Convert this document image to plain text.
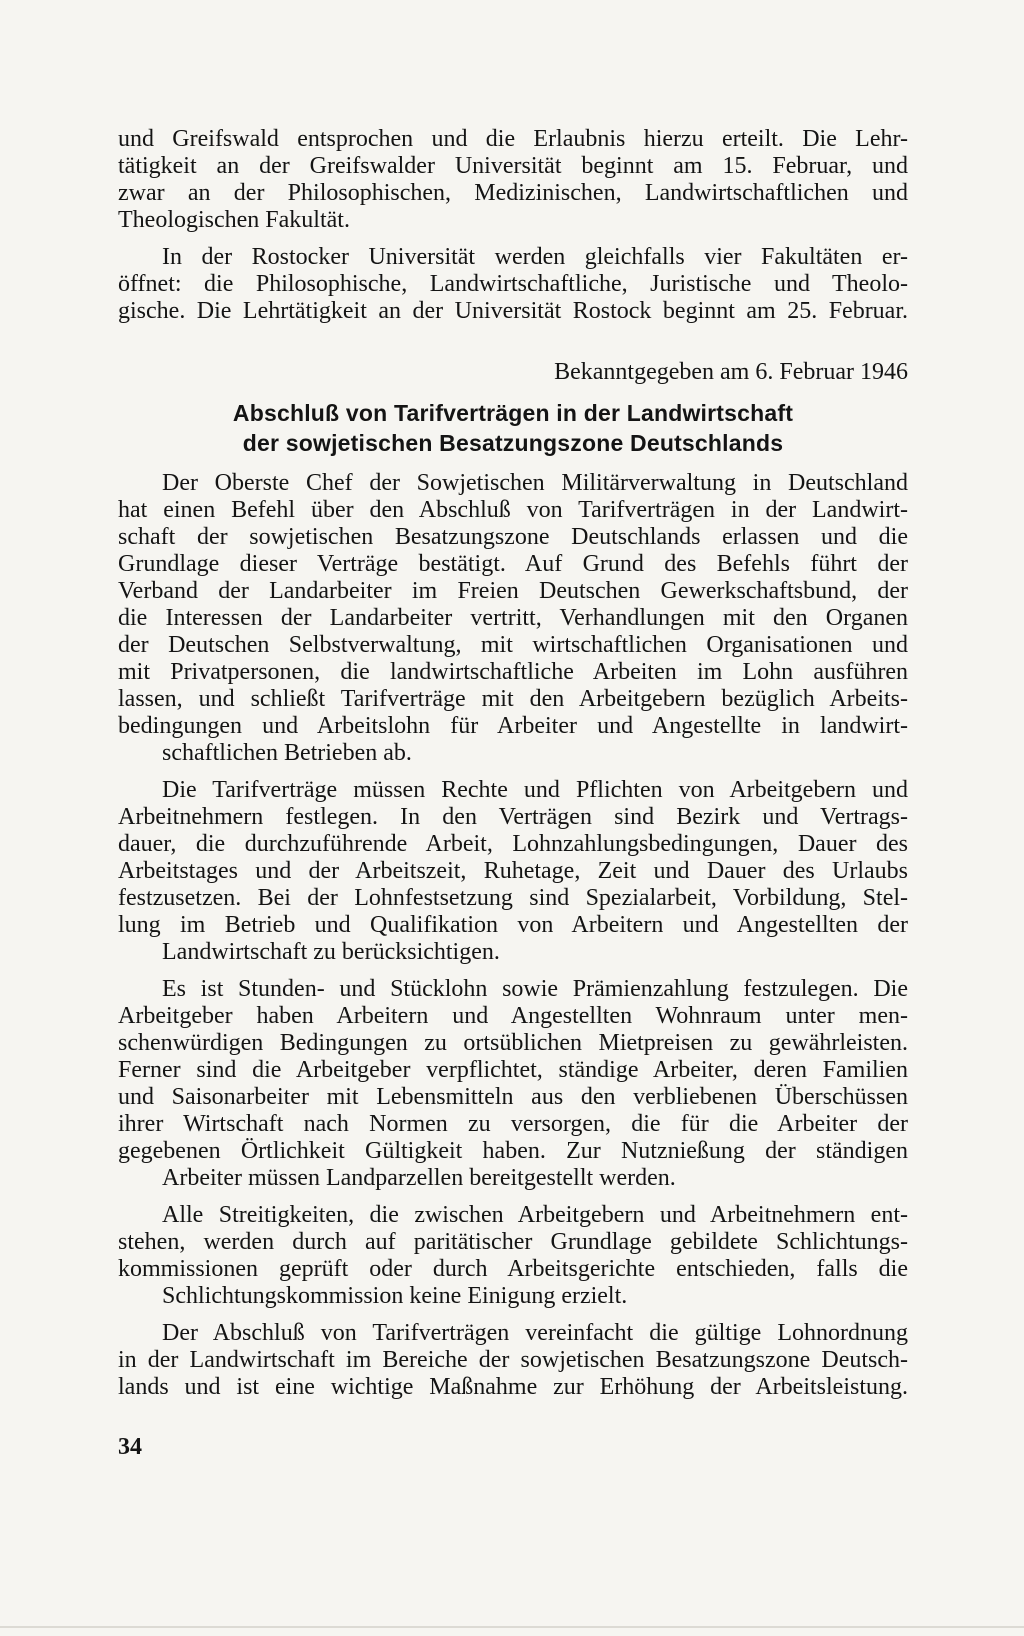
und Greifswald entsprochen und die Erlaubnis hierzu erteilt. Die Lehr-
tätigkeit an der Greifswalder Universität beginnt am 15. Februar, und
zwar an der Philosophischen, Medizinischen, Landwirtschaftlichen und

Theologischen Fakultät.

In der Rostocker Universität werden gleichfalls vier Fakultäten er-
öffnet: die Philosophische, Landwirtschaftliche, Juristische und Theolo-
gische. Die Lehrtätigkeit an der Universität Rostock beginnt am 25. Februar.

Bekanntgegeben am 6. Februar 1946
Abschluß von Tarifverträgen in der Landwirtschaft
der sowjetischen Besatzungszone Deutschlands

Der Oberste Chef der Sowjetischen Militärverwaltung in Deutschland
hat einen Befehl über den Abschluß von Tarifverträgen in der Landwirt-
schaft der sowjetischen Besatzungszone Deutschlands erlassen und die
Grundlage dieser Verträge bestätigt. Auf Grund des Befehls führt der
Verband der Landarbeiter im Freien Deutschen Gewerkschaftsbund, der
die Interessen der Landarbeiter vertritt, Verhandlungen mit den Organen
der Deutschen Selbstverwaltung, mit wirtschaftlichen Organisationen und
mit Privatpersonen, die landwirtschaftliche Arbeiten im Lohn ausführen
lassen, und schließt Tarifverträge mit den Arbeitgebern bezüglich Arbeits-
bedingungen und Arbeitslohn für Arbeiter und Angestellte in landwirt-

schaftlichen Betrieben ab.

Die Tarifverträge müssen Rechte und Pflichten von Arbeitgebern und
Arbeitnehmern festlegen. In den Verträgen sind Bezirk und Vertrags-
dauer, die durchzuführende Arbeit, Lohnzahlungsbedingungen, Dauer des
Arbeitstages und der Arbeitszeit, Ruhetage, Zeit und Dauer des Urlaubs
festzusetzen. Bei der Lohnfestsetzung sind Spezialarbeit, Vorbildung, Stel-
lung im Betrieb und Qualifikation von Arbeitern und Angestellten der

Landwirtschaft zu berücksichtigen.

Es ist Stunden- und Stücklohn sowie Prämienzahlung festzulegen. Die
Arbeitgeber haben Arbeitern und Angestellten Wohnraum unter men-
schenwürdigen Bedingungen zu ortsüblichen Mietpreisen zu gewährleisten.
Ferner sind die Arbeitgeber verpflichtet, ständige Arbeiter, deren Familien
und Saisonarbeiter mit Lebensmitteln aus den verbliebenen Überschüssen
ihrer Wirtschaft nach Normen zu versorgen, die für die Arbeiter der
gegebenen Örtlichkeit Gültigkeit haben. Zur Nutznießung der ständigen

Arbeiter müssen Landparzellen bereitgestellt werden.

Alle Streitigkeiten, die zwischen Arbeitgebern und Arbeitnehmern ent-
stehen, werden durch auf paritätischer Grundlage gebildete Schlichtungs-
kommissionen geprüft oder durch Arbeitsgerichte entschieden, falls die

Schlichtungskommission keine Einigung erzielt.

Der Abschluß von Tarifverträgen vereinfacht die gültige Lohnordnung
in der Landwirtschaft im Bereiche der sowjetischen Besatzungszone Deutsch-
lands und ist eine wichtige Maßnahme zur Erhöhung der Arbeitsleistung.

34
